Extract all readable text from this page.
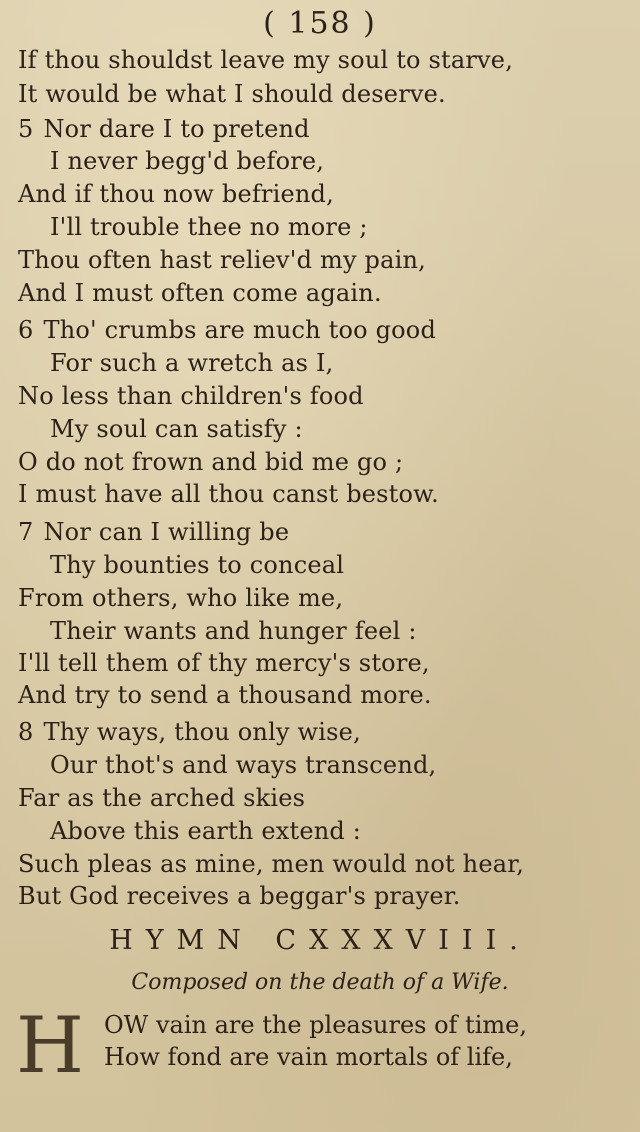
( 158 )
If thou shouldst leave my soul to starve,
It would be what I should deserve.
5 Nor dare I to pretend
I never begg'd before,
And if thou now befriend,
I'll trouble thee no more ;
Thou often hast reliev'd my pain,
And I must often come again.
6 Tho' crumbs are much too good
For such a wretch as I,
No less than children's food
My soul can satisfy :
O do not frown and bid me go ;
I must have all thou canst bestow.
7 Nor can I willing be
Thy bounties to conceal
From others, who like me,
Their wants and hunger feel :
I'll tell them of thy mercy's store,
And try to send a thousand more.
8 Thy ways, thou only wise,
Our thot's and ways transcend,
Far as the arched skies
Above this earth extend :
Such pleas as mine, men would not hear,
But God receives a beggar's prayer.
HYMN CXXXVIII.
Composed on the death of a Wife.
H OW vain are the pleasures of time,
How fond are vain mortals of life,
